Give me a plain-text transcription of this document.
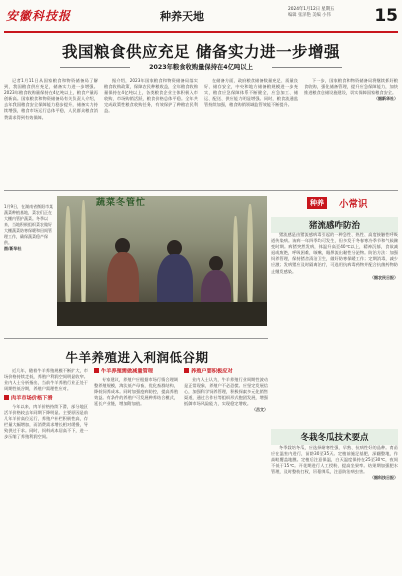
安徽科技报	种养天地
2024年1月12日 星期五
编辑 张泽艳 美编 小伟	15
我国粮食供应充足 储备实力进一步增强
2023年粮食收购量保持在4亿吨以上

记者1月11日从国家粮食和物资储备局了解到，我国粮食供应充足，储备实力进一步增强。2023年粮食收购量保持在4亿吨以上，粮食产量再创新高。国家粮食和物资储备局有关负责人介绍，去年我国粮食安全保障能力稳步提升，储备实力持续增强，粮食市场运行总体平稳，人民群众粮食消费需求得到有效保障。

据介绍，2023年国家粮食和物资储备局落实粮食收购政策，保障农民种粮收益，全年粮食收购量保持在4亿吨以上，各类粮食企业主体积极入市收购，市场购销活跃，粮食价格总体平稳。全年共完成政策性粮食收购任务，有效保护了种粮农民利益。

在储备方面，政府粮食储备数量充足、质量良好、储存安全，中央和地方储备粮规模进一步充实，粮食应急保障体系不断健全，应急加工、储运、配送、供应能力明显增强。同时，粮食流通监管持续加强，粮食购销领域监管效能不断提升。

下一步，国家粮食和物资储备局将继续抓好粮食收购，强化储备管理，提升应急保障能力，加快推进粮食仓储设施建设，切实保障国家粮食安全。

（据新华社）
1月9日，在湖南省衡阳市某蔬菜种植基地，菜农们正在大棚内管护蔬菜。冬季以来，当地积极组织菜农做好大棚蔬菜防寒保暖和田间管理工作，确保蔬菜稳产保供。
图/新华社
蔬菜冬管忙	种养	小常识
猪流感咋防治

猪流感是由猪流感病毒引起的一种急性、热性、高度接触性呼吸道传染病。该病一年四季均可发生，但多发于冬春寒冷季节和气候骤变时期。病猪突然发病，体温升高至40℃以上，精神沉郁，食欲减退或废绝，呼吸困难，咳嗽，眼鼻流出黏性分泌物。防治方法：加强饲养管理，保持猪舍清洁卫生，做好防寒保暖工作；定期消毒，减少应激；发病猪应及时隔离治疗，可选用抗病毒药物并配合抗菌药物防止继发感染。

（据农民日报）
冬栽冬瓜技术要点

冬季栽培冬瓜，应选择耐寒性强、早熟、抗病性好的品种。育苗应在温室内进行，苗龄30至35天。定植前施足基肥，深翻整地，作高畦覆盖地膜。定植后注意保温，白天温度保持在25至30℃，夜间不低于15℃。开花期进行人工授粉，提高坐果率。结果期加强肥水管理，及时整枝打杈，吊蔓绑瓜，注意防治病虫害。

（据科技日报）
牛羊养殖进入利润低谷期

近几年，随着牛羊养殖规模不断扩大，市场价格持续走低，养殖户利润空间明显收窄。业内人士分析指出，当前牛羊养殖行业正处于周期性低谷期，养殖户需理性应对。

肉羊市场价格下滑

今年以来，肉羊价格持续下滑，部分地区活羊价格较去年同期下降明显。主要原因是前几年羊价高位运行，养殖户补栏积极性高，存栏量大幅增加，而消费需求增长相对缓慢，导致供过于求。同时，饲料成本居高不下，进一步压缩了养殖利润空间。

牛羊养殖需做减量管理

专家建议，养殖户应根据市场行情合理调整养殖规模，淘汰低产母畜，优化畜群结构，降低饲养成本。同时加强疫病防控，提高养殖效益。有条件的养殖户可发展种养结合模式，延长产业链，增加附加值。

养殖户要积极应对

业内人士认为，牛羊养殖行业周期性波动是正常现象，养殖户不必恐慌。应坚定发展信心，加强科学饲养管理，积极探索多元化销售渠道，通过合作社等组织形式抱团发展，增强抵御市场风险能力，实现稳定增收。

（吕文）
